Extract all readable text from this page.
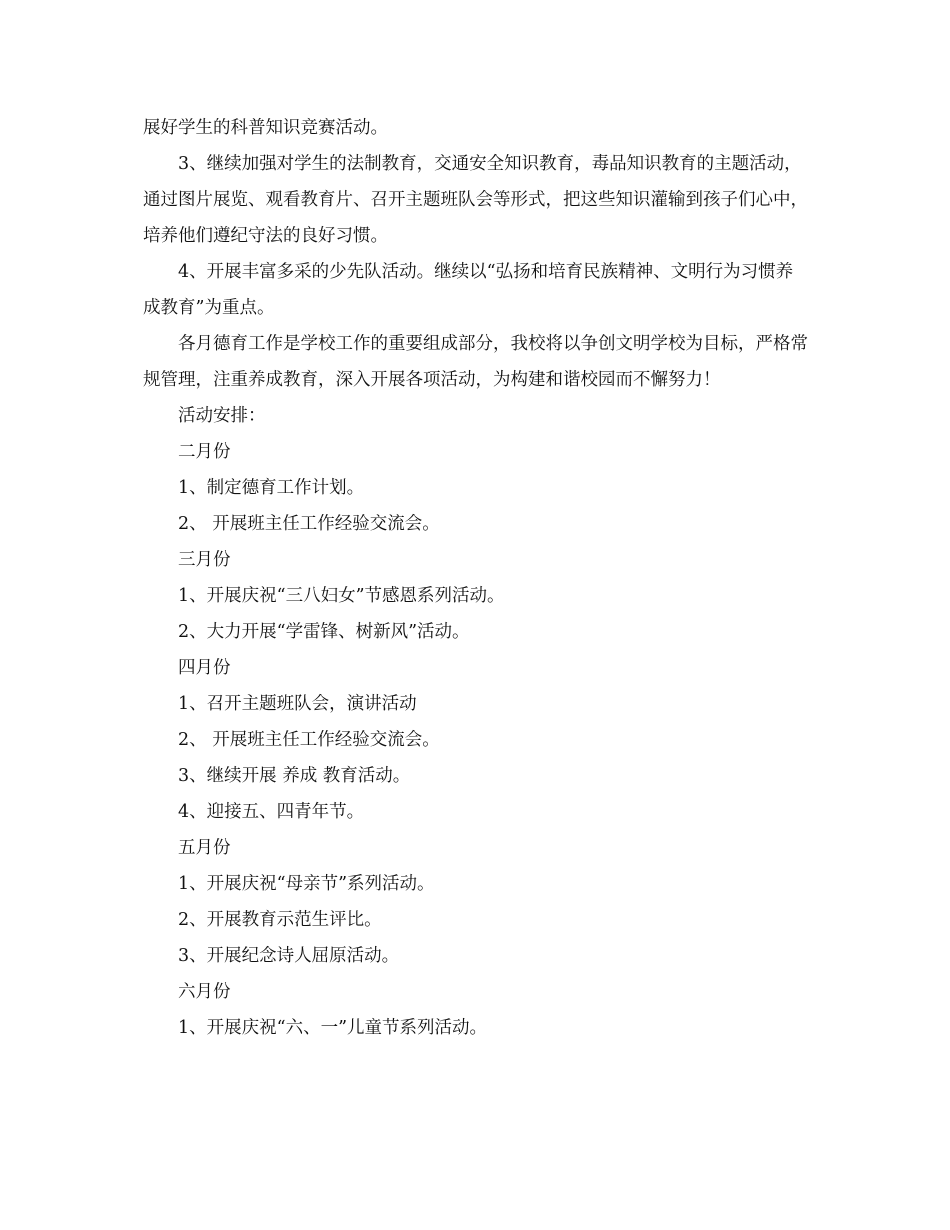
展好学生的科普知识竞赛活动。

3、继续加强对学生的法制教育，交通安全知识教育，毒品知识教育的主题活动，通过图片展览、观看教育片、召开主题班队会等形式，把这些知识灌输到孩子们心中，培养他们遵纪守法的良好习惯。

4、开展丰富多采的少先队活动。继续以“弘扬和培育民族精神、文明行为习惯养成教育”为重点。

各月德育工作是学校工作的重要组成部分，我校将以争创文明学校为目标，严格常规管理，注重养成教育，深入开展各项活动，为构建和谐校园而不懈努力！

活动安排：

二月份

1、制定德育工作计划。

2、 开展班主任工作经验交流会。

三月份

1、开展庆祝“三八妇女”节感恩系列活动。

2、大力开展“学雷锋、树新风”活动。

四月份

1、召开主题班队会，演讲活动

2、 开展班主任工作经验交流会。

3、继续开展 养成 教育活动。

4、迎接五、四青年节。

五月份

1、开展庆祝“母亲节”系列活动。

2、开展教育示范生评比。

3、开展纪念诗人屈原活动。

六月份

1、开展庆祝“六、一”儿童节系列活动。
